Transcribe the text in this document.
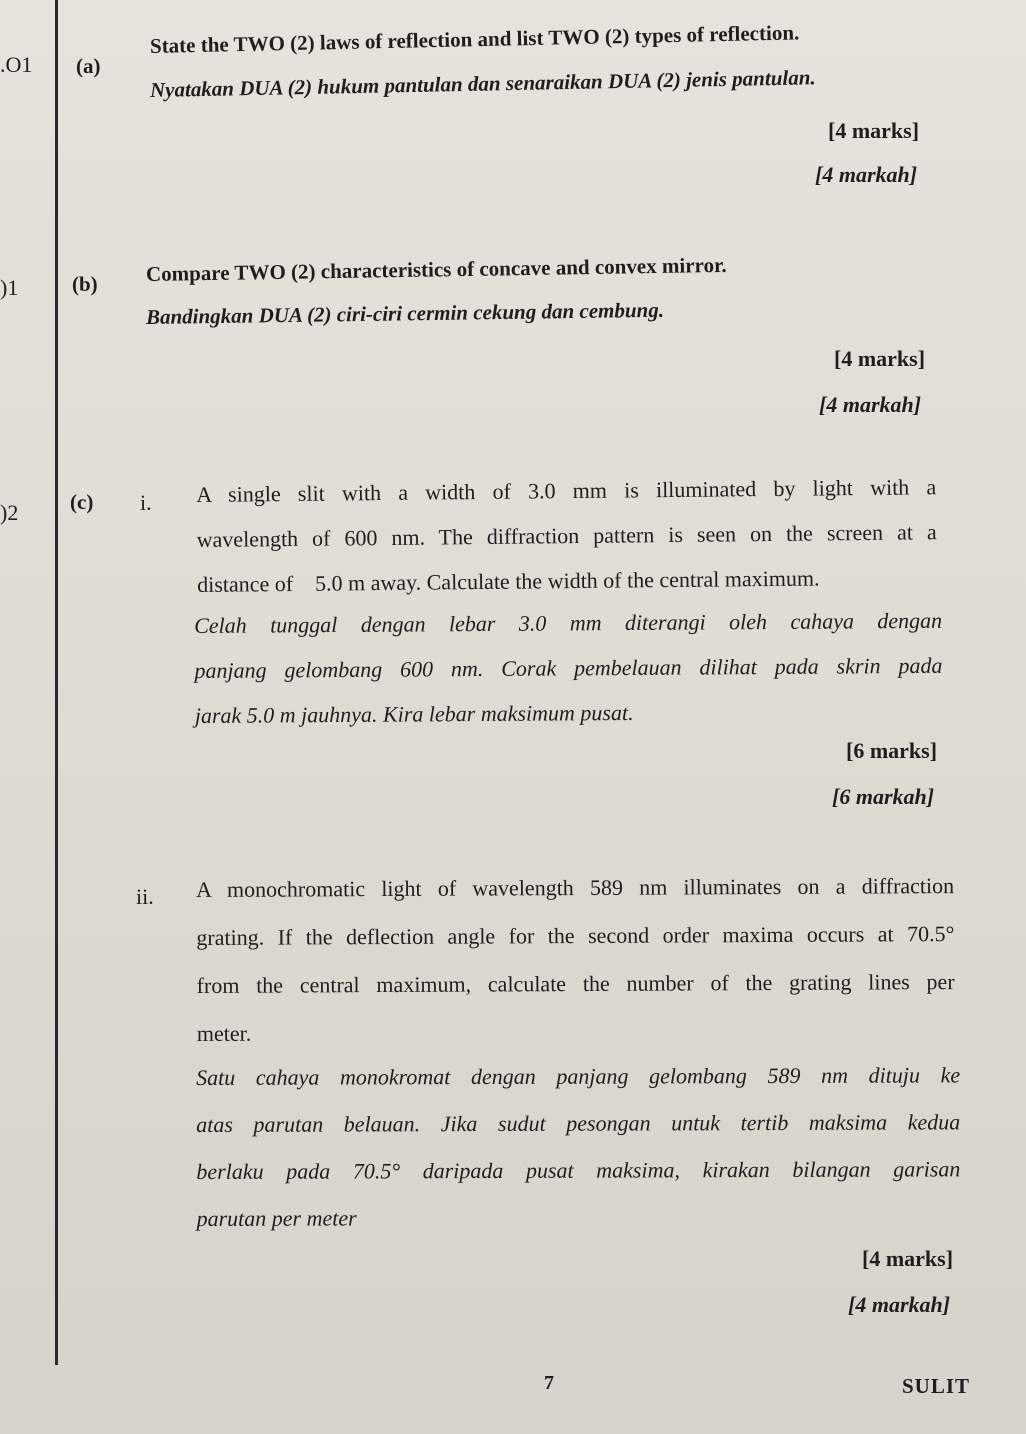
.O1 (a)
State the TWO (2) laws of reflection and list TWO (2) types of reflection.
Nyatakan DUA (2) hukum pantulan dan senaraikan DUA (2) jenis pantulan.
[4 marks]
[4 markah]
)1	(b) Compare TWO (2) characteristics of concave and convex mirror.
Bandingkan DUA (2) ciri-ciri cermin cekung dan cembung.
[4 marks]
[4 markah]
)2 (c) i. A single slit with a width of 3.0 mm is illuminated by light with a
wavelength of 600 nm. The diffraction pattern is seen on the screen at a
distance of    5.0 m away. Calculate the width of the central maximum.
Celah tunggal dengan lebar 3.0 mm diterangi oleh cahaya dengan
panjang gelombang 600 nm. Corak pembelauan dilihat pada skrin pada
jarak 5.0 m jauhnya. Kira lebar maksimum pusat.
[6 marks]
[6 markah]
ii. A monochromatic light of wavelength 589 nm illuminates on a diffraction
grating. If the deflection angle for the second order maxima occurs at 70.5°
from the central maximum, calculate the number of the grating lines per
meter.
Satu cahaya monokromat dengan panjang gelombang 589 nm dituju ke
atas parutan belauan. Jika sudut pesongan untuk tertib maksima kedua
berlaku pada 70.5° daripada pusat maksima, kirakan bilangan garisan
parutan per meter
[4 marks]
[4 markah]
7	SULIT
